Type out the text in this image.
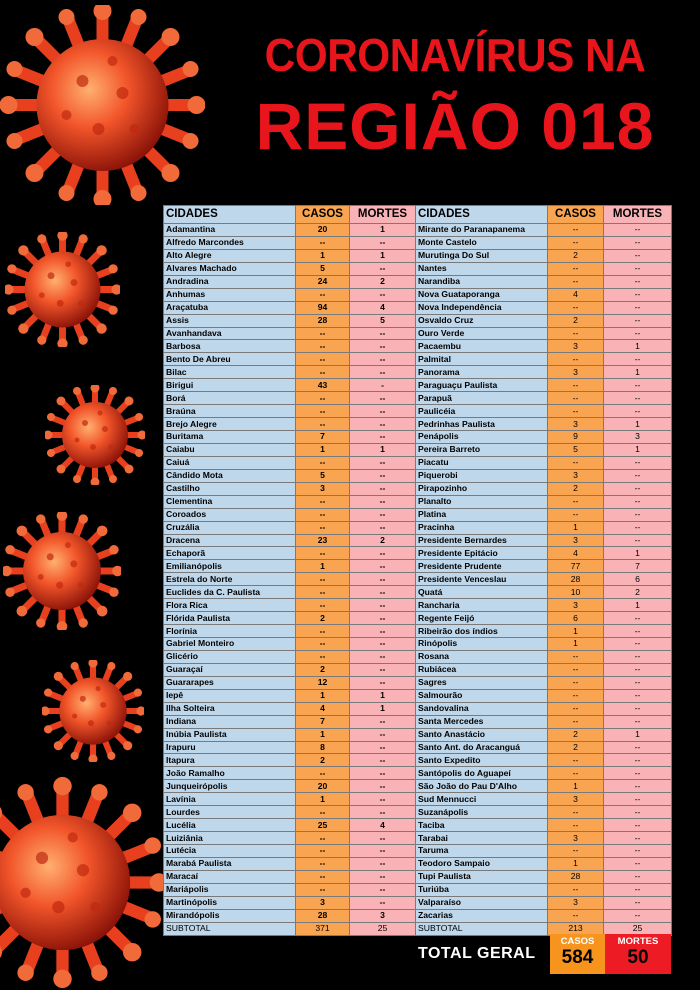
CORONAVÍRUS NA
REGIÃO 018
CIDADES	CASOS	MORTES	CIDADES	CASOS	MORTES
Adamantina	20	1	Mirante do Paranapanema	--	--
Alfredo Marcondes	--	--	Monte Castelo	--	--
Alto Alegre	1	1	Murutinga Do Sul	2	--
Alvares Machado	5	--	Nantes	--	--
Andradina	24	2	Narandiba	--	--
Anhumas	--	--	Nova Guataporanga	4	--
Araçatuba	94	4	Nova Independência	--	--
Assis	28	5	Osvaldo Cruz	2	--
Avanhandava	--	--	Ouro Verde	--	--
Barbosa	--	--	Pacaembu	3	1
Bento De Abreu	--	--	Palmital	--	--
Bilac	--	--	Panorama	3	1
Birigui	43	-	Paraguaçu Paulista	--	--
Borá	--	--	Parapuã	--	--
Braúna	--	--	Paulicéia	--	--
Brejo Alegre	--	--	Pedrinhas Paulista	3	1
Buritama	7	--	Penápolis	9	3
Caiabu	1	1	Pereira Barreto	5	1
Caiuá	--	--	Piacatu	--	--
Cândido Mota	5	--	Piquerobi	3	--
Castilho	3	--	Pirapozinho	2	--
Clementina	--	--	Planalto	--	--
Coroados	--	--	Platina	--	--
Cruzália	--	--	Pracinha	1	--
Dracena	23	2	Presidente Bernardes	3	--
Echaporã	--	--	Presidente Epitácio	4	1
Emilianópolis	1	--	Presidente Prudente	77	7
Estrela do Norte	--	--	Presidente Venceslau	28	6
Euclides da C. Paulista	--	--	Quatá	10	2
Flora Rica	--	--	Rancharia	3	1
Flórida Paulista	2	--	Regente Feijó	6	--
Florínia	--	--	Ribeirão dos índios	1	--
Gabriel Monteiro	--	--	Rinópolis	1	--
Glicério	--	--	Rosana	--	--
Guaraçaí	2	--	Rubiácea	--	--
Guararapes	12	--	Sagres	--	--
Iepê	1	1	Salmourão	--	--
Ilha Solteira	4	1	Sandovalina	--	--
Indiana	7	--	Santa Mercedes	--	--
Inúbia Paulista	1	--	Santo Anastácio	2	1
Irapuru	8	--	Santo Ant. do Aracanguá	2	--
Itapura	2	--	Santo Expedito	--	--
João Ramalho	--	--	Santópolis do Aguapeí	--	--
Junqueirópolis	20	--	São João do Pau D'Alho	1	--
Lavínia	1	--	Sud Mennucci	3	--
Lourdes	--	--	Suzanápolis	--	--
Lucélia	25	4	Taciba	--	--
Luiziânia	--	--	Tarabai	3	--
Lutécia	--	--	Taruma	--	--
Marabá Paulista	--	--	Teodoro Sampaio	1	--
Maracaí	--	--	Tupi Paulista	28	--
Mariápolis	--	--	Turiúba	--	--
Martinópolis	3	--	Valparaíso	3	--
Mirandópolis	28	3	Zacarias	--	--
SUBTOTAL	371	25	SUBTOTAL	213	25
TOTAL GERAL
CASOS
584
MORTES
50
